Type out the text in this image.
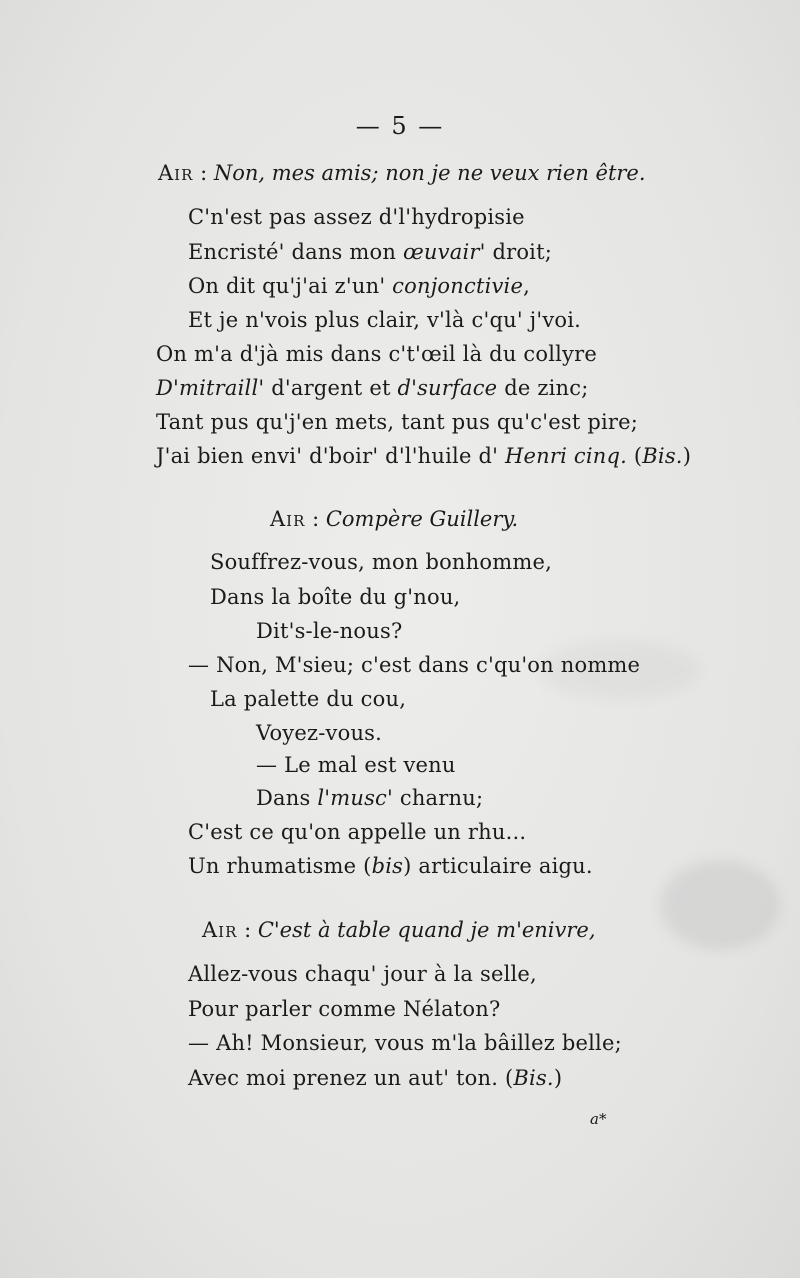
— 5 —
Air : Non, mes amis; non je ne veux rien être.
C'n'est pas assez d'l'hydropisie
Encristé' dans mon œuvair' droit;
On dit qu'j'ai z'un' conjonctivie,
Et je n'vois plus clair, v'là c'qu' j'voi.
On m'a d'jà mis dans c't'œil là du collyre
D'mitraill' d'argent et d'surface de zinc;
Tant pus qu'j'en mets, tant pus qu'c'est pire;
J'ai bien envi' d'boir' d'l'huile d' Henri cinq. (Bis.)
Air : Compère Guillery.
Souffrez-vous, mon bonhomme,
Dans la boîte du g'nou,
Dit's-le-nous?
— Non, M'sieu; c'est dans c'qu'on nomme
La palette du cou,
Voyez-vous.
— Le mal est venu
Dans l'musc' charnu;
C'est ce qu'on appelle un rhu...
Un rhumatisme (bis) articulaire aigu.
Air : C'est à table quand je m'enivre,
Allez-vous chaqu' jour à la selle,
Pour parler comme Nélaton?
— Ah! Monsieur, vous m'la bâillez belle;
Avec moi prenez un aut' ton. (Bis.)
a*
